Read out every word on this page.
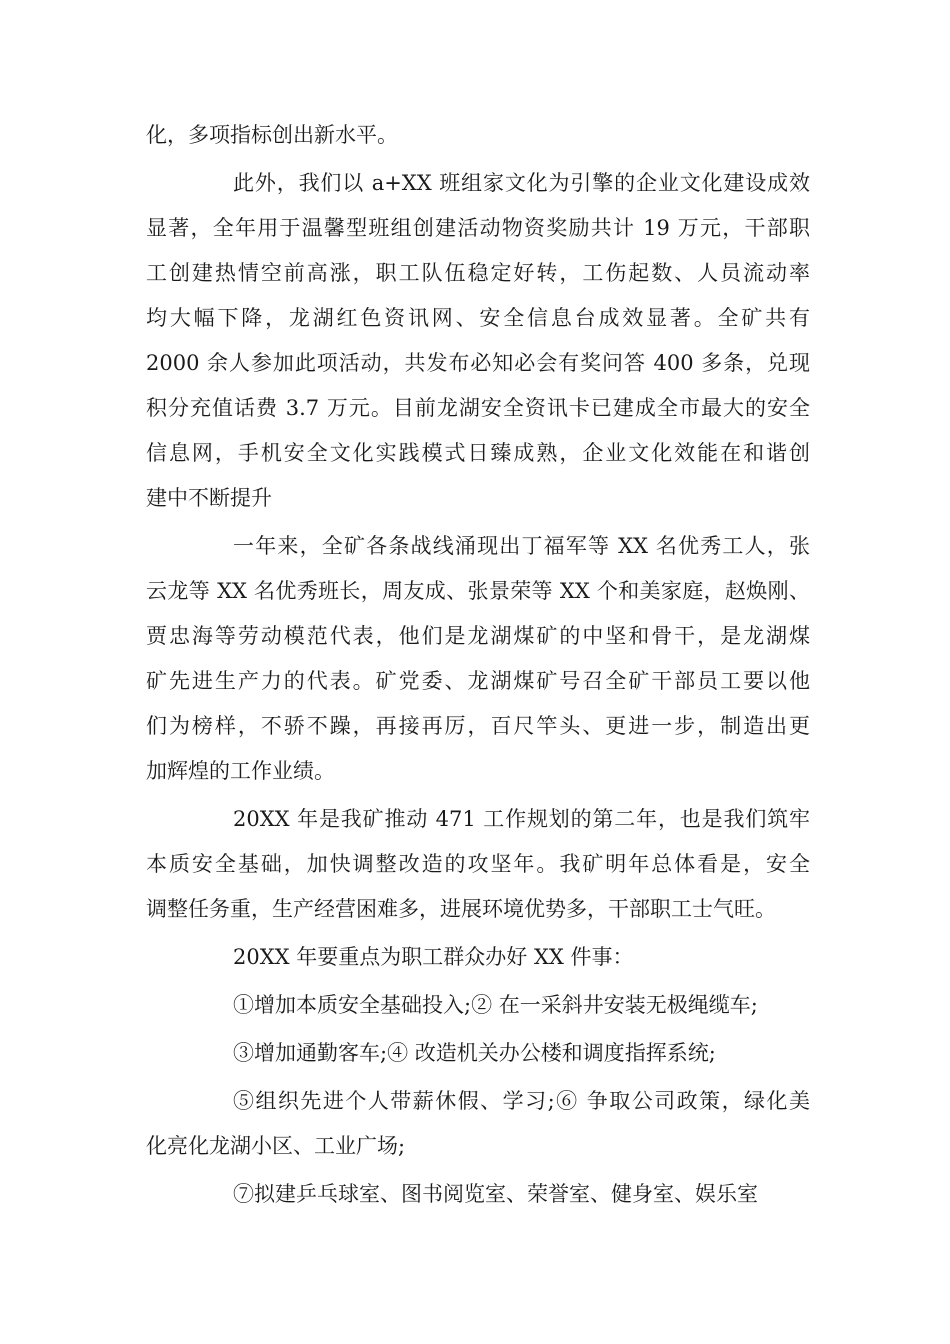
化，多项指标创出新水平。
此外，我们以 a+XX 班组家文化为引擎的企业文化建设成效
显著，全年用于温馨型班组创建活动物资奖励共计 19 万元，干部职
工创建热情空前高涨，职工队伍稳定好转，工伤起数、人员流动率
均大幅下降，龙湖红色资讯网、安全信息台成效显著。全矿共有
2000 余人参加此项活动，共发布必知必会有奖问答 400 多条，兑现
积分充值话费 3.7 万元。目前龙湖安全资讯卡已建成全市最大的安全
信息网，手机安全文化实践模式日臻成熟，企业文化效能在和谐创
建中不断提升
一年来，全矿各条战线涌现出丁福军等 XX 名优秀工人，张
云龙等 XX 名优秀班长，周友成、张景荣等 XX 个和美家庭，赵焕刚、
贾忠海等劳动模范代表，他们是龙湖煤矿的中坚和骨干，是龙湖煤
矿先进生产力的代表。矿党委、龙湖煤矿号召全矿干部员工要以他
们为榜样，不骄不躁，再接再厉，百尺竿头、更进一步，制造出更
加辉煌的工作业绩。
20XX 年是我矿推动 471 工作规划的第二年，也是我们筑牢
本质安全基础，加快调整改造的攻坚年。我矿明年总体看是，安全
调整任务重，生产经营困难多，进展环境优势多，干部职工士气旺。
20XX 年要重点为职工群众办好 XX 件事：
①增加本质安全基础投入;② 在一采斜井安装无极绳缆车;
③增加通勤客车;④ 改造机关办公楼和调度指挥系统;
⑤组织先进个人带薪休假、学习;⑥ 争取公司政策，绿化美
化亮化龙湖小区、工业广场;
⑦拟建乒乓球室、图书阅览室、荣誉室、健身室、娱乐室
